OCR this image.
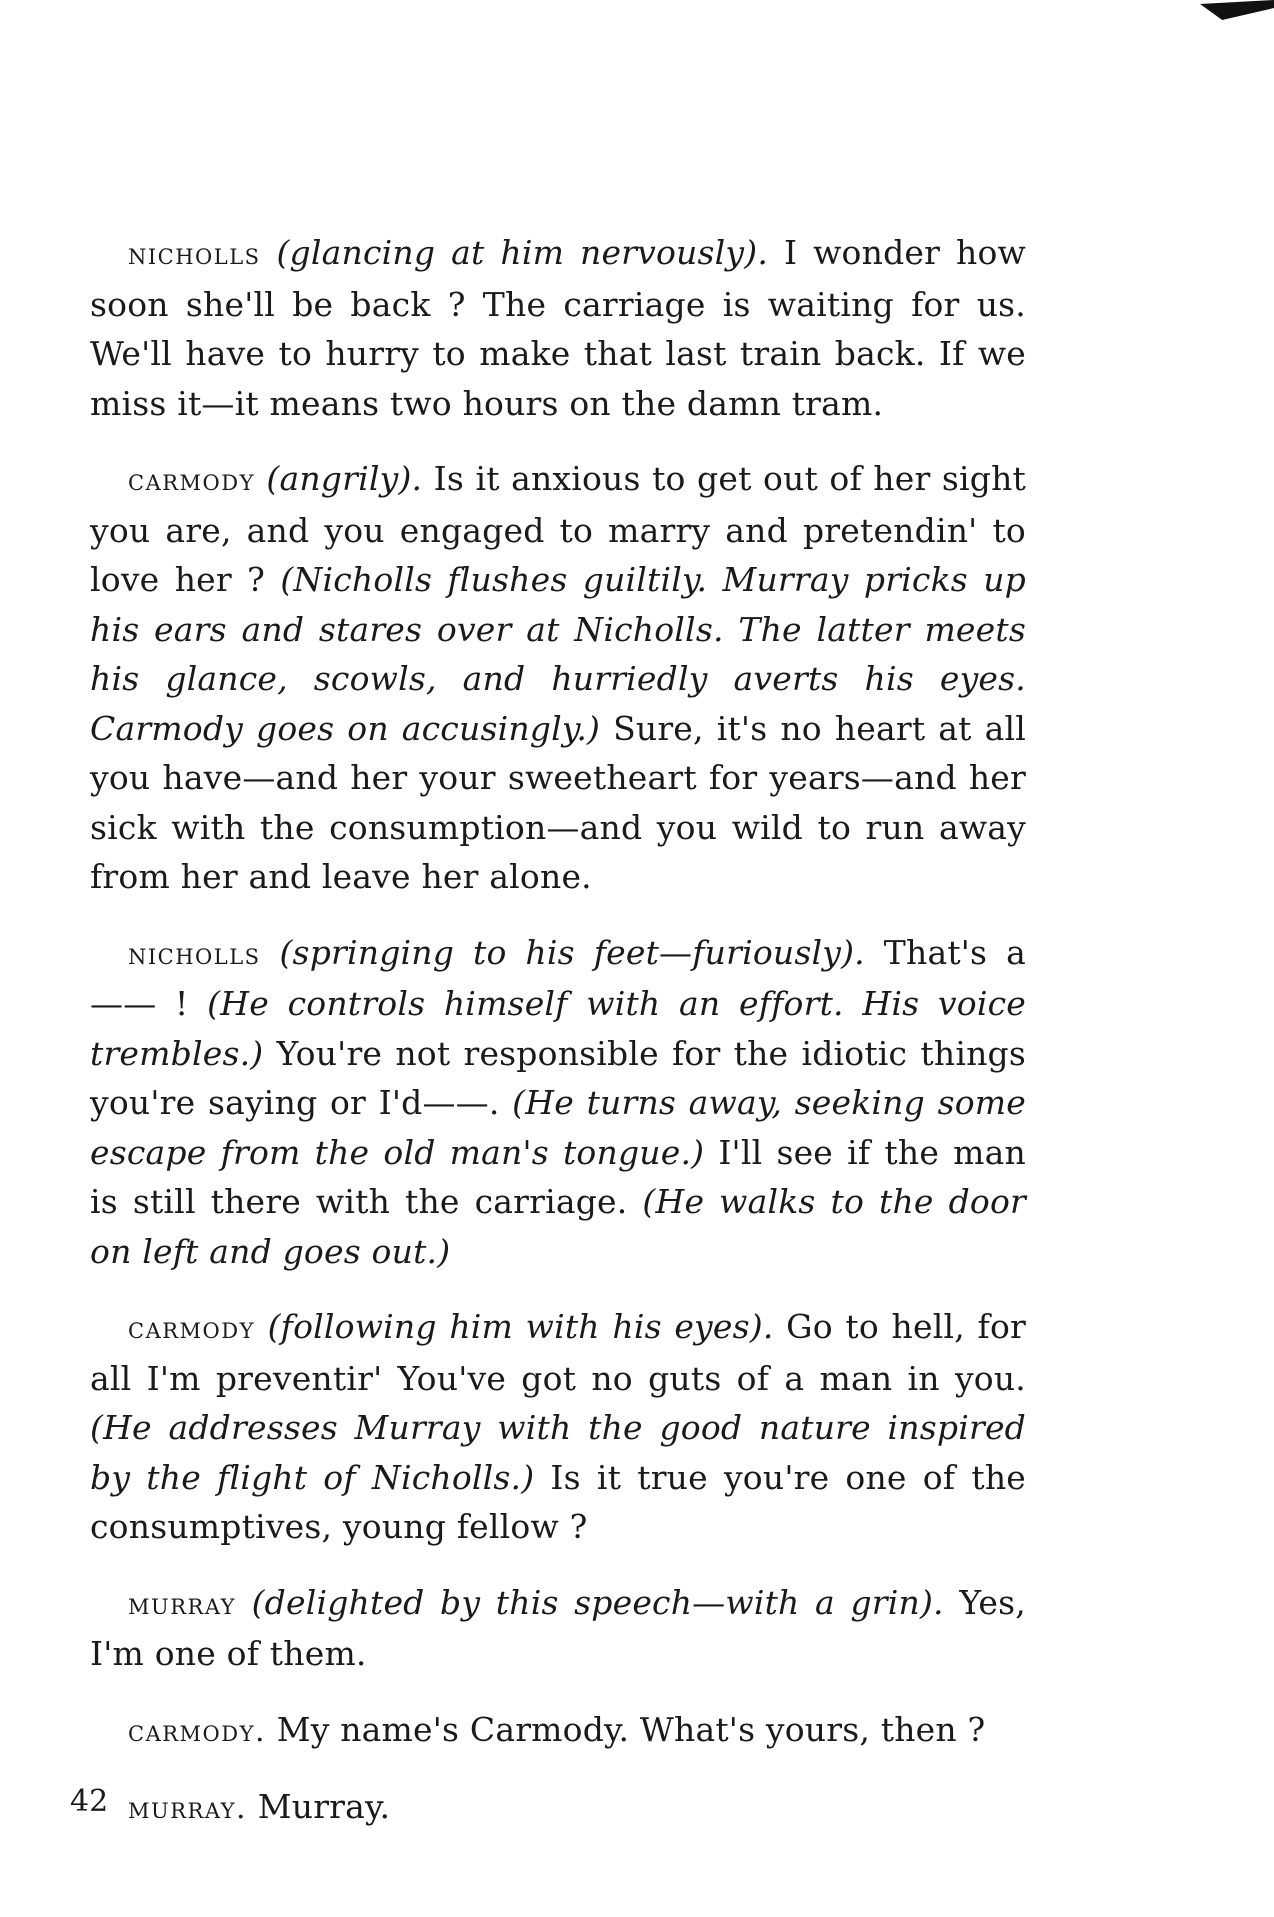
nicholls (glancing at him nervously). I wonder how soon she'll be back ? The carriage is waiting for us. We'll have to hurry to make that last train back. If we miss it—it means two hours on the damn tram.

carmody (angrily). Is it anxious to get out of her sight you are, and you engaged to marry and pretendin' to love her ? (Nicholls flushes guiltily. Murray pricks up his ears and stares over at Nicholls. The latter meets his glance, scowls, and hurriedly averts his eyes. Carmody goes on accusingly.) Sure, it's no heart at all you have—and her your sweetheart for years—and her sick with the consumption—and you wild to run away from her and leave her alone.

nicholls (springing to his feet—furiously). That's a—— ! (He controls himself with an effort. His voice trembles.) You're not responsible for the idiotic things you're saying or I'd——. (He turns away, seeking some escape from the old man's tongue.) I'll see if the man is still there with the carriage. (He walks to the door on left and goes out.)

carmody (following him with his eyes). Go to hell, for all I'm preventir' You've got no guts of a man in you. (He addresses Murray with the good nature inspired by the flight of Nicholls.) Is it true you're one of the consumptives, young fellow ?

murray (delighted by this speech—with a grin). Yes, I'm one of them.

carmody. My name's Carmody. What's yours, then ?

murray. Murray.

42
